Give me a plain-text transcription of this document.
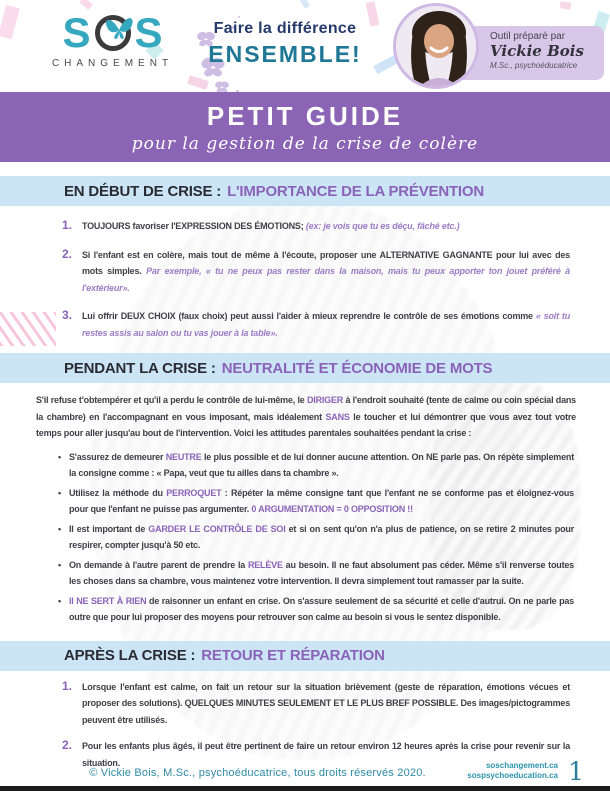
S S
CHANGEMENT
Faire la différence
ENSEMBLE!
Outil préparé par
Vickie Bois
M.Sc., psychoéducatrice
PETIT GUIDE
pour la gestion de la crise de colère
EN DÉBUT DE CRISE : L'IMPORTANCE DE LA PRÉVENTION
1.	TOUJOURS favoriser l'EXPRESSION DES ÉMOTIONS; (ex: je vois que tu es déçu, fâché etc.)
2.	Si l'enfant est en colère, mais tout de même à l'écoute, proposer une ALTERNATIVE GAGNANTE pour lui avec des mots simples. Par exemple, « tu ne peux pas rester dans la maison, mais tu peux apporter ton jouet préféré à l'extérieur».
3.	Lui offrir DEUX CHOIX (faux choix) peut aussi l'aider à mieux reprendre le contrôle de ses émotions comme « soit tu restes assis au salon ou tu vas jouer à la table».
PENDANT LA CRISE : NEUTRALITÉ ET ÉCONOMIE DE MOTS

S'il refuse t'obtempérer et qu'il a perdu le contrôle de lui-même, le DIRIGER à l'endroit souhaité (tente de calme ou coin spécial dans la chambre) en l'accompagnant en vous imposant, mais idéalement SANS le toucher et lui démontrer que vous avez tout votre temps pour aller jusqu'au bout de l'intervention. Voici les attitudes parentales souhaitées pendant la crise :

• S'assurez de demeurer NEUTRE le plus possible et de lui donner aucune attention. On NE parle pas. On répète simplement la consigne comme : « Papa, veut que tu ailles dans ta chambre ».
• Utilisez la méthode du PERROQUET : Répéter la même consigne tant que l'enfant ne se conforme pas et éloignez-vous pour que l'enfant ne puisse pas argumenter. 0 ARGUMENTATION = 0 OPPOSITION !!
• Il est important de GARDER LE CONTRÔLE DE SOI et si on sent qu'on n'a plus de patience, on se retire 2 minutes pour respirer, compter jusqu'à 50 etc.
• On demande à l'autre parent de prendre la RELÈVE au besoin. Il ne faut absolument pas céder. Même s'il renverse toutes les choses dans sa chambre, vous maintenez votre intervention. Il devra simplement tout ramasser par la suite.
• Il NE SERT À RIEN de raisonner un enfant en crise. On s'assure seulement de sa sécurité et celle d'autrui. On ne parle pas outre que pour lui proposer des moyens pour retrouver son calme au besoin si vous le sentez disponible.
APRÈS LA CRISE : RETOUR ET RÉPARATION
1.	Lorsque l'enfant est calme, on fait un retour sur la situation brièvement (geste de réparation, émotions vécues et proposer des solutions). QUELQUES MINUTES SEULEMENT ET LE PLUS BREF POSSIBLE. Des images/pictogrammes peuvent être utilisés.
2.	Pour les enfants plus âgés, il peut être pertinent de faire un retour environ 12 heures après la crise pour revenir sur la situation.
© Vickie Bois, M.Sc., psychoéducatrice, tous droits réservés 2020.
soschangement.ca
sospsychoeducation.ca 1
